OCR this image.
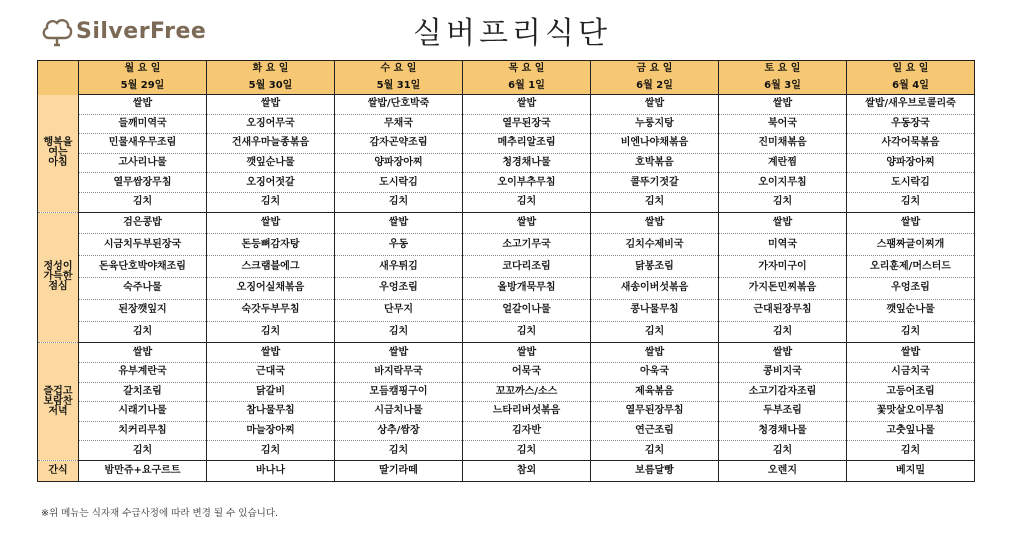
SilverFree	실버프리식단
	월 요 일	화 요 일	수 요 일	목 요 일	금 요 일	토 요 일	일 요 일
	5월 29일	5월 30일	5월 31일	6월 1일	6월 2일	6월 3일	6월 4일

행복을
여는
아침	쌀밥	쌀밥	쌀밥/단호박죽	쌀밥	쌀밥	쌀밥	쌀밥/새우브로콜리죽
	들깨미역국	오징어무국	무채국	열무된장국	누룽지탕	북어국	우동장국
	민물새우무조림	건새우마늘종볶음	감자곤약조림	메추리알조림	비엔나야채볶음	진미채볶음	사각어묵볶음
	고사리나물	깻잎순나물	양파장아찌	청경채나물	호박볶음	계란찜	양파장아찌
	열무쌈장무침	오징어젓갈	도시락김	오이부추무침	콜뚜기젓갈	오이지무침	도시락김
	김치	김치	김치	김치	김치	김치	김치

정성이
가득한
점심	검은콩밥	쌀밥	쌀밥	쌀밥	쌀밥	쌀밥	쌀밥
	시금치두부된장국	돈등뼈감자탕	우동	소고기무국	김치수제비국	미역국	스팸짜글이찌개
	돈육단호박야채조림	스크램블에그	새우튀김	코다리조림	닭봉조림	가자미구이	오리훈제/머스터드
	숙주나물	오징어실채볶음	우엉조림	올방개묵무침	새송이버섯볶음	가지돈민찌볶음	우엉조림
	된장깻잎지	숙갓두부무침	단무지	얼갈이나물	콩나물무침	근대된장무침	깻잎순나물
	김치	김치	김치	김치	김치	김치	김치

즐겁고
보람찬
저녁	쌀밥	쌀밥	쌀밥	쌀밥	쌀밥	쌀밥	쌀밥
	유부계란국	근대국	바지락무국	어묵국	아욱국	콩비지국	시금치국
	갈치조림	닭갈비	모듬캠핑구이	꼬꼬까스/소스	제육볶음	소고기감자조림	고등어조림
	시래기나물	참나물무침	시금치나물	느타리버섯볶음	열무된장무침	두부조림	꽃맛살오이무침
	치커리무침	마늘장아찌	상추/쌈장	김자반	연근조림	청경채나물	고춧잎나물
	김치	김치	김치	김치	김치	김치	김치
간식	밤만쥬+요구르트	바나나	딸기라떼	참외	보름달빵	오렌지	베지밀
※위 메뉴는 식자재 수급사정에 따라 변경 될 수 있습니다.
